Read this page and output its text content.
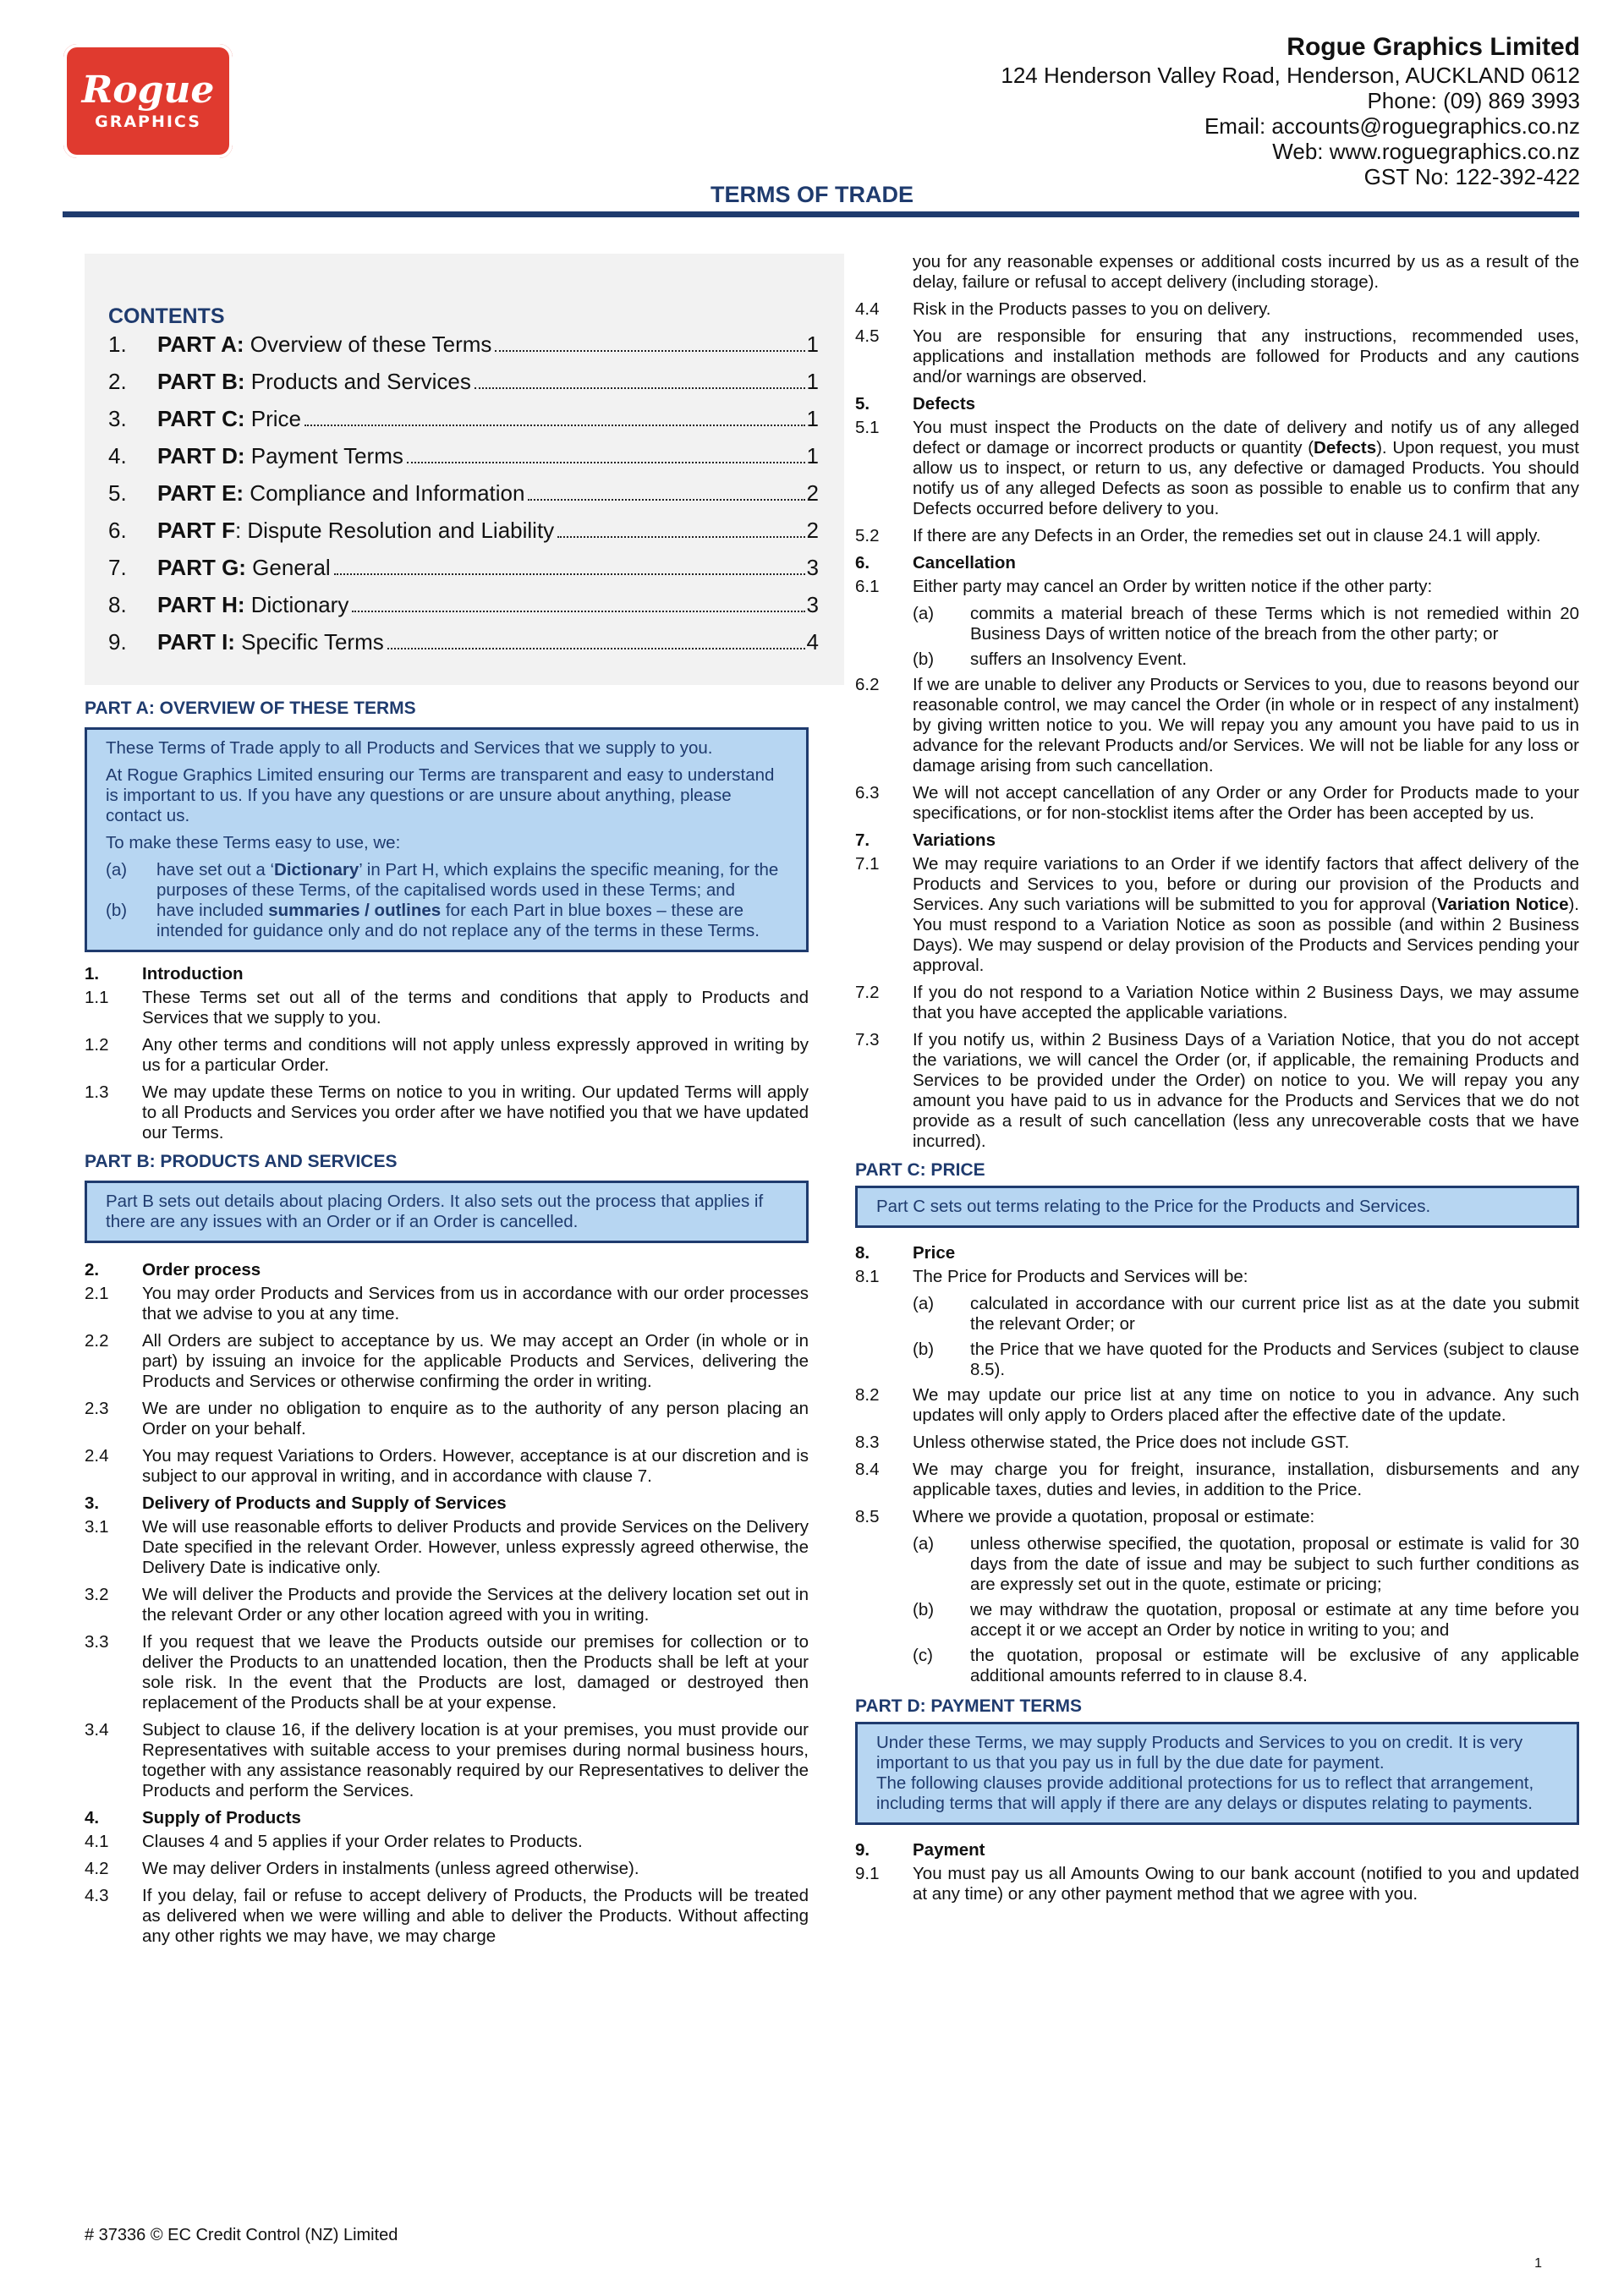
Rogue
GRAPHICS
Rogue Graphics Limited
124 Henderson Valley Road, Henderson, AUCKLAND 0612
Phone: (09) 869 3993
Email: accounts@roguegraphics.co.nz
Web: www.roguegraphics.co.nz
GST No: 122-392-422
TERMS OF TRADE
CONTENTS
1.	PART A: Overview of these Terms	1
2.	PART B: Products and Services	1
3.	PART C: Price	1
4.	PART D: Payment Terms	1
5.	PART E: Compliance and Information	2
6.	PART F: Dispute Resolution and Liability	2
7.	PART G: General	3
8.	PART H: Dictionary	3
9.	PART I: Specific Terms	4
PART A: OVERVIEW OF THESE TERMS

These Terms of Trade apply to all Products and Services that we supply to you.

At Rogue Graphics Limited ensuring our Terms are transparent and easy to understand is important to us. If you have any questions or are unsure about anything, please contact us.

To make these Terms easy to use, we:

(a)	have set out a ‘Dictionary’ in Part H, which explains the specific meaning, for the purposes of these Terms, of the capitalised words used in these Terms; and
(b)	have included summaries / outlines for each Part in blue boxes – these are intended for guidance only and do not replace any of the terms in these Terms.
1.	Introduction
1.1	These Terms set out all of the terms and conditions that apply to Products and Services that we supply to you.
1.2	Any other terms and conditions will not apply unless expressly approved in writing by us for a particular Order.
1.3	We may update these Terms on notice to you in writing. Our updated Terms will apply to all Products and Services you order after we have notified you that we have updated our Terms.
PART B: PRODUCTS AND SERVICES

Part B sets out details about placing Orders. It also sets out the process that applies if there are any issues with an Order or if an Order is cancelled.

2.	Order process
2.1	You may order Products and Services from us in accordance with our order processes that we advise to you at any time.
2.2	All Orders are subject to acceptance by us. We may accept an Order (in whole or in part) by issuing an invoice for the applicable Products and Services, delivering the Products and Services or otherwise confirming the order in writing.
2.3	We are under no obligation to enquire as to the authority of any person placing an Order on your behalf.
2.4	You may request Variations to Orders. However, acceptance is at our discretion and is subject to our approval in writing, and in accordance with clause 7.
3.	Delivery of Products and Supply of Services
3.1	We will use reasonable efforts to deliver Products and provide Services on the Delivery Date specified in the relevant Order. However, unless expressly agreed otherwise, the Delivery Date is indicative only.
3.2	We will deliver the Products and provide the Services at the delivery location set out in the relevant Order or any other location agreed with you in writing.
3.3	If you request that we leave the Products outside our premises for collection or to deliver the Products to an unattended location, then the Products shall be left at your sole risk. In the event that the Products are lost, damaged or destroyed then replacement of the Products shall be at your expense.
3.4	Subject to clause 16, if the delivery location is at your premises, you must provide our Representatives with suitable access to your premises during normal business hours, together with any assistance reasonably required by our Representatives to deliver the Products and perform the Services.
4.	Supply of Products
4.1	Clauses 4 and 5 applies if your Order relates to Products.
4.2	We may deliver Orders in instalments (unless agreed otherwise).
4.3	If you delay, fail or refuse to accept delivery of Products, the Products will be treated as delivered when we were willing and able to deliver the Products. Without affecting any other rights we may have, we may charge
you for any reasonable expenses or additional costs incurred by us as a result of the delay, failure or refusal to accept delivery (including storage).
4.4	Risk in the Products passes to you on delivery.
4.5	You are responsible for ensuring that any instructions, recommended uses, applications and installation methods are followed for Products and any cautions and/or warnings are observed.
5.	Defects
5.1	You must inspect the Products on the date of delivery and notify us of any alleged defect or damage or incorrect products or quantity (Defects). Upon request, you must allow us to inspect, or return to us, any defective or damaged Products. You should notify us of any alleged Defects as soon as possible to enable us to confirm that any Defects occurred before delivery to you.
5.2	If there are any Defects in an Order, the remedies set out in clause 24.1 will apply.
6.	Cancellation
6.1	Either party may cancel an Order by written notice if the other party:
(a)	commits a material breach of these Terms which is not remedied within 20 Business Days of written notice of the breach from the other party; or
(b)	suffers an Insolvency Event.
6.2	If we are unable to deliver any Products or Services to you, due to reasons beyond our reasonable control, we may cancel the Order (in whole or in respect of any instalment) by giving written notice to you. We will repay you any amount you have paid to us in advance for the relevant Products and/or Services. We will not be liable for any loss or damage arising from such cancellation.
6.3	We will not accept cancellation of any Order or any Order for Products made to your specifications, or for non-stocklist items after the Order has been accepted by us.
7.	Variations
7.1	We may require variations to an Order if we identify factors that affect delivery of the Products and Services to you, before or during our provision of the Products and Services. Any such variations will be submitted to you for approval (Variation Notice). You must respond to a Variation Notice as soon as possible (and within 2 Business Days). We may suspend or delay provision of the Products and Services pending your approval.
7.2	If you do not respond to a Variation Notice within 2 Business Days, we may assume that you have accepted the applicable variations.
7.3	If you notify us, within 2 Business Days of a Variation Notice, that you do not accept the variations, we will cancel the Order (or, if applicable, the remaining Products and Services to be provided under the Order) on notice to you. We will repay you any amount you have paid to us in advance for the Products and Services that we do not provide as a result of such cancellation (less any unrecoverable costs that we have incurred).
PART C: PRICE

Part C sets out terms relating to the Price for the Products and Services.

8.	Price
8.1	The Price for Products and Services will be:
(a)	calculated in accordance with our current price list as at the date you submit the relevant Order; or
(b)	the Price that we have quoted for the Products and Services (subject to clause 8.5).
8.2	We may update our price list at any time on notice to you in advance. Any such updates will only apply to Orders placed after the effective date of the update.
8.3	Unless otherwise stated, the Price does not include GST.
8.4	We may charge you for freight, insurance, installation, disbursements and any applicable taxes, duties and levies, in addition to the Price.
8.5	Where we provide a quotation, proposal or estimate:
(a)	unless otherwise specified, the quotation, proposal or estimate is valid for 30 days from the date of issue and may be subject to such further conditions as are expressly set out in the quote, estimate or pricing;
(b)	we may withdraw the quotation, proposal or estimate at any time before you accept it or we accept an Order by notice in writing to you; and
(c)	the quotation, proposal or estimate will be exclusive of any applicable additional amounts referred to in clause 8.4.
PART D: PAYMENT TERMS

Under these Terms, we may supply Products and Services to you on credit. It is very important to us that you pay us in full by the due date for payment.

The following clauses provide additional protections for us to reflect that arrangement, including terms that will apply if there are any delays or disputes relating to payments.

9.	Payment
9.1	You must pay us all Amounts Owing to our bank account (notified to you and updated at any time) or any other payment method that we agree with you.
# 37336 © EC Credit Control (NZ) Limited
1
